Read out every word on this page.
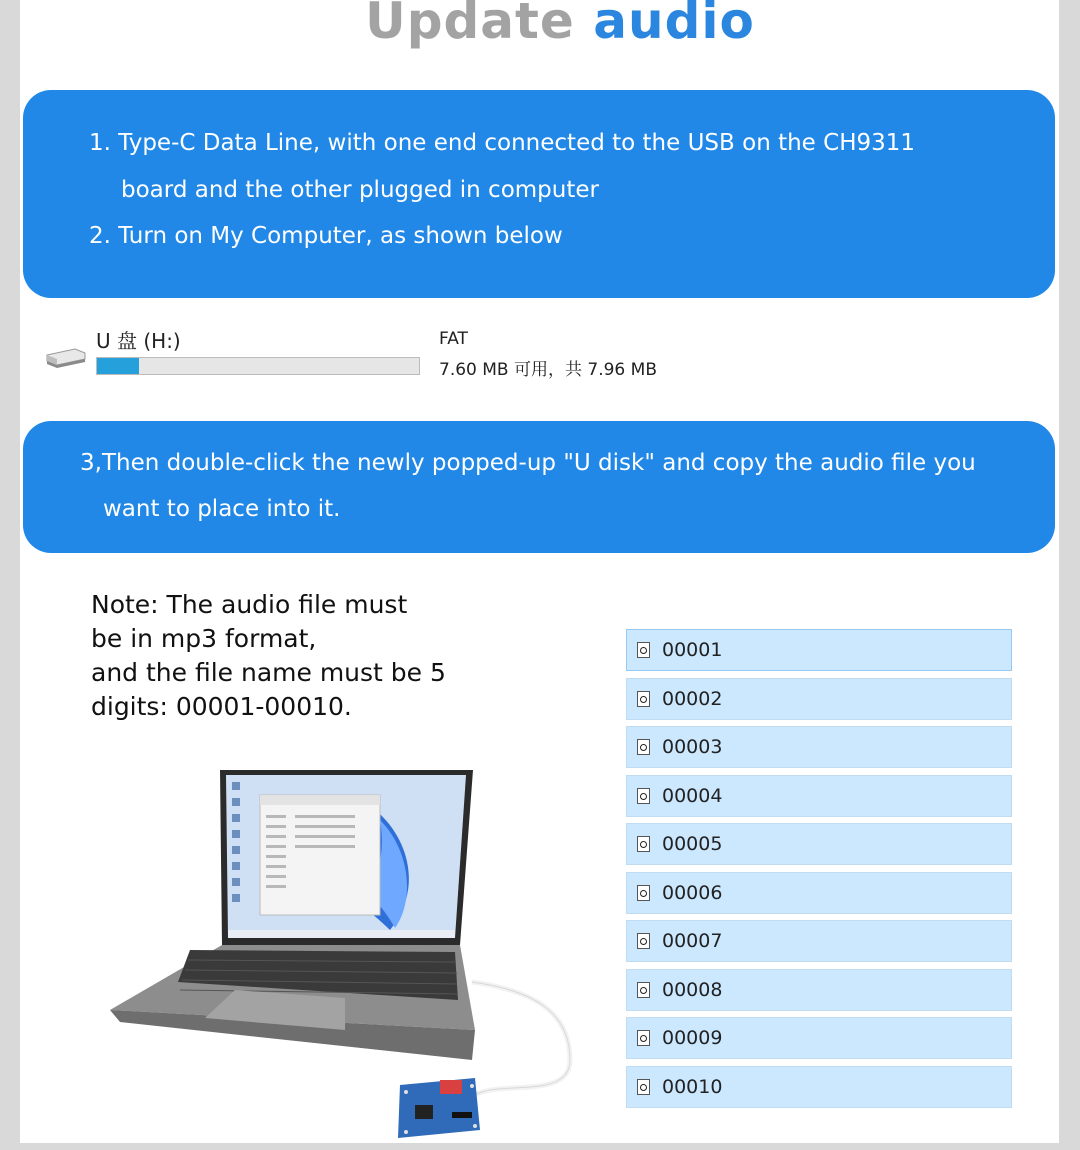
Update audio
1. Type-C Data Line, with one end connected to the USB on the CH9311
board and the other plugged in computer
2. Turn on My Computer, as shown below
U 盘 (H:)	FAT
7.60 MB 可用，共 7.96 MB
3,Then double-click the newly popped-up "U disk" and copy the audio file you
want to place into it.
Note: The audio file must
be in mp3 format,
and the file name must be 5
digits: 00001-00010.
00001
00002
00003
00004
00005
00006
00007
00008
00009
00010
